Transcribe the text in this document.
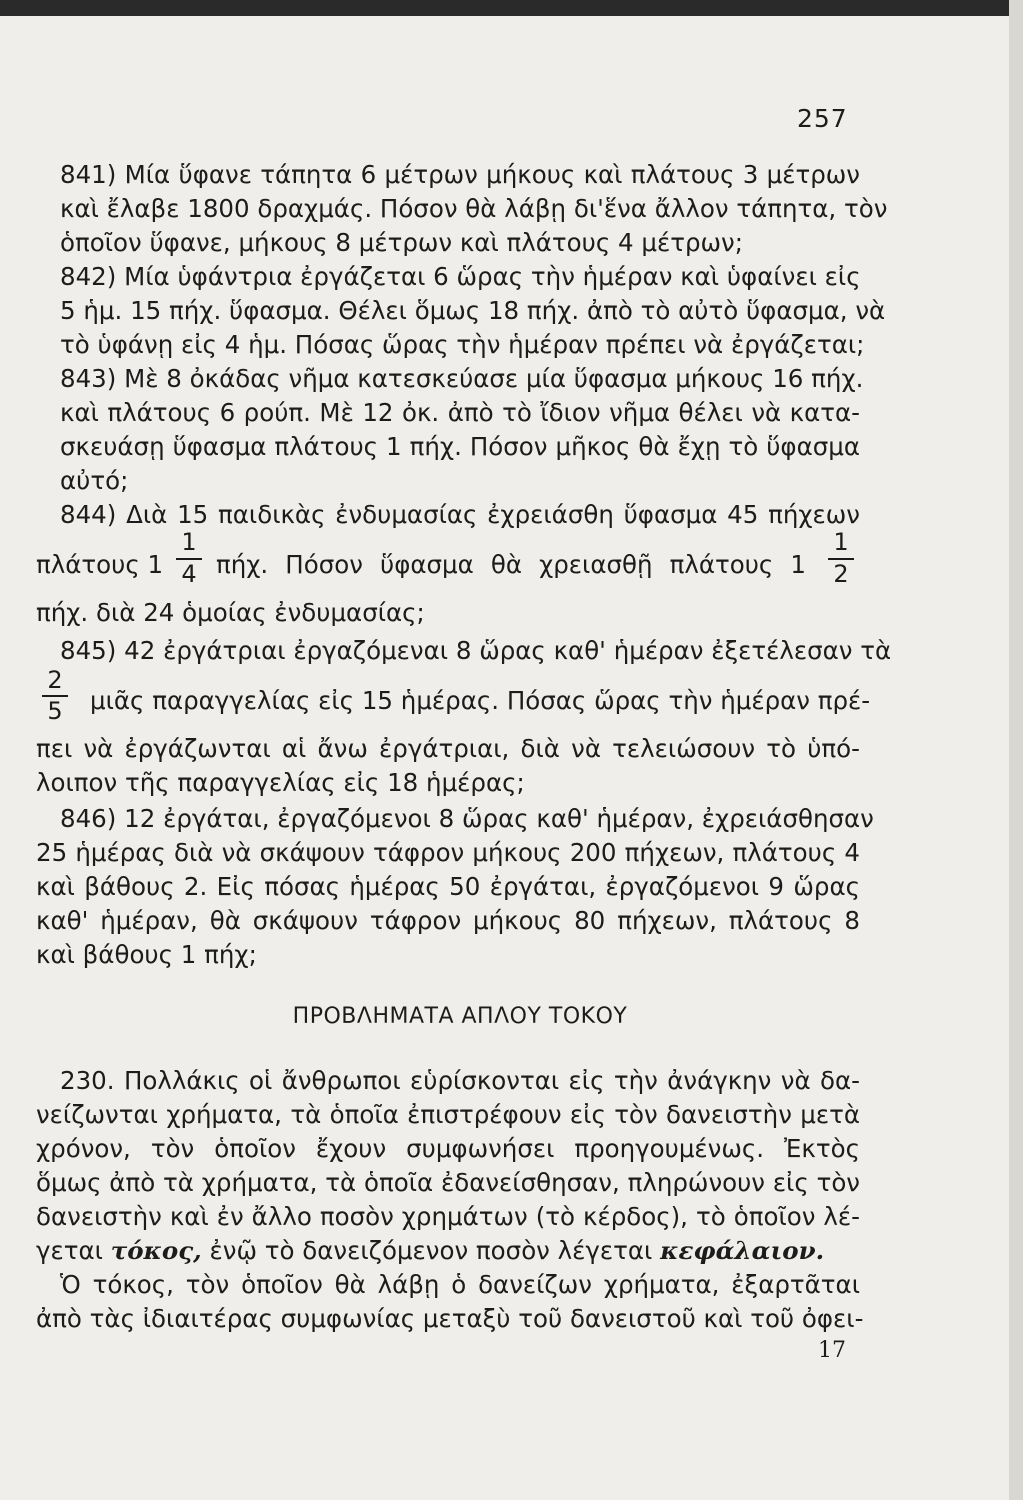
257
841) Μία ὕφανε τάπητα 6 μέτρων μήκους καὶ πλάτους 3 μέτρων
καὶ ἔλαβε 1800 δραχμάς. Πόσον θὰ λάβῃ δι'ἕνα ἄλλον τάπητα, τὸν
ὁποῖον ὕφανε, μήκους 8 μέτρων καὶ πλάτους 4 μέτρων;
842) Μία ὑφάντρια ἐργάζεται 6 ὥρας τὴν ἡμέραν καὶ ὑφαίνει εἰς
5 ἡμ. 15 πήχ. ὕφασμα. Θέλει ὅμως 18 πήχ. ἀπὸ τὸ αὐτὸ ὕφασμα, νὰ
τὸ ὑφάνῃ εἰς 4 ἡμ. Πόσας ὥρας τὴν ἡμέραν πρέπει νὰ ἐργάζεται;
843) Μὲ 8 ὀκάδας νῆμα κατεσκεύασε μία ὕφασμα μήκους 16 πήχ.
καὶ πλάτους 6 ρούπ. Μὲ 12 ὀκ. ἀπὸ τὸ ἴδιον νῆμα θέλει νὰ κατα-
σκευάσῃ ὕφασμα πλάτους 1 πήχ. Πόσον μῆκος θὰ ἔχῃ τὸ ὕφασμα
αὐτό;
844) Διὰ 15 παιδικὰς ἐνδυμασίας ἐχρειάσθη ὕφασμα 45 πήχεων
πλάτους 1
1
4 πήχ. Πόσον ὕφασμα θὰ χρειασθῇ πλάτους 1
1
2
πήχ. διὰ 24 ὁμοίας ἐνδυμασίας;
845) 42 ἐργάτριαι ἐργαζόμεναι 8 ὥρας καθ' ἡμέραν ἐξετέλεσαν τὰ
2
5 μιᾶς παραγγελίας εἰς 15 ἡμέρας. Πόσας ὥρας τὴν ἡμέραν πρέ-
πει νὰ ἐργάζωνται αἱ ἄνω ἐργάτριαι, διὰ νὰ τελειώσουν τὸ ὑπό-
λοιπον τῆς παραγγελίας εἰς 18 ἡμέρας;
846) 12 ἐργάται, ἐργαζόμενοι 8 ὥρας καθ' ἡμέραν, ἐχρειάσθησαν
25 ἡμέρας διὰ νὰ σκάψουν τάφρον μήκους 200 πήχεων, πλάτους 4
καὶ βάθους 2. Εἰς πόσας ἡμέρας 50 ἐργάται, ἐργαζόμενοι 9 ὥρας
καθ' ἡμέραν, θὰ σκάψουν τάφρον μήκους 80 πήχεων, πλάτους 8
καὶ βάθους 1 πήχ;
ΠΡΟΒΛΗΜΑΤΑ ΑΠΛΟΥ ΤΟΚΟΥ
230. Πολλάκις οἱ ἄνθρωποι εὑρίσκονται εἰς τὴν ἀνάγκην νὰ δα-
νείζωνται χρήματα, τὰ ὁποῖα ἐπιστρέφουν εἰς τὸν δανειστὴν μετὰ
χρόνον, τὸν ὁποῖον ἔχουν συμφωνήσει προηγουμένως. Ἐκτὸς
ὅμως ἀπὸ τὰ χρήματα, τὰ ὁποῖα ἐδανείσθησαν, πληρώνουν εἰς τὸν
δανειστὴν καὶ ἐν ἄλλο ποσὸν χρημάτων (τὸ κέρδος), τὸ ὁποῖον λέ-
γεται τόκος, ἐνῷ τὸ δανειζόμενον ποσὸν λέγεται κεφάλαιον.
Ὁ τόκος, τὸν ὁποῖον θὰ λάβῃ ὁ δανείζων χρήματα, ἐξαρτᾶται
ἀπὸ τὰς ἰδιαιτέρας συμφωνίας μεταξὺ τοῦ δανειστοῦ καὶ τοῦ ὀφει-
17
